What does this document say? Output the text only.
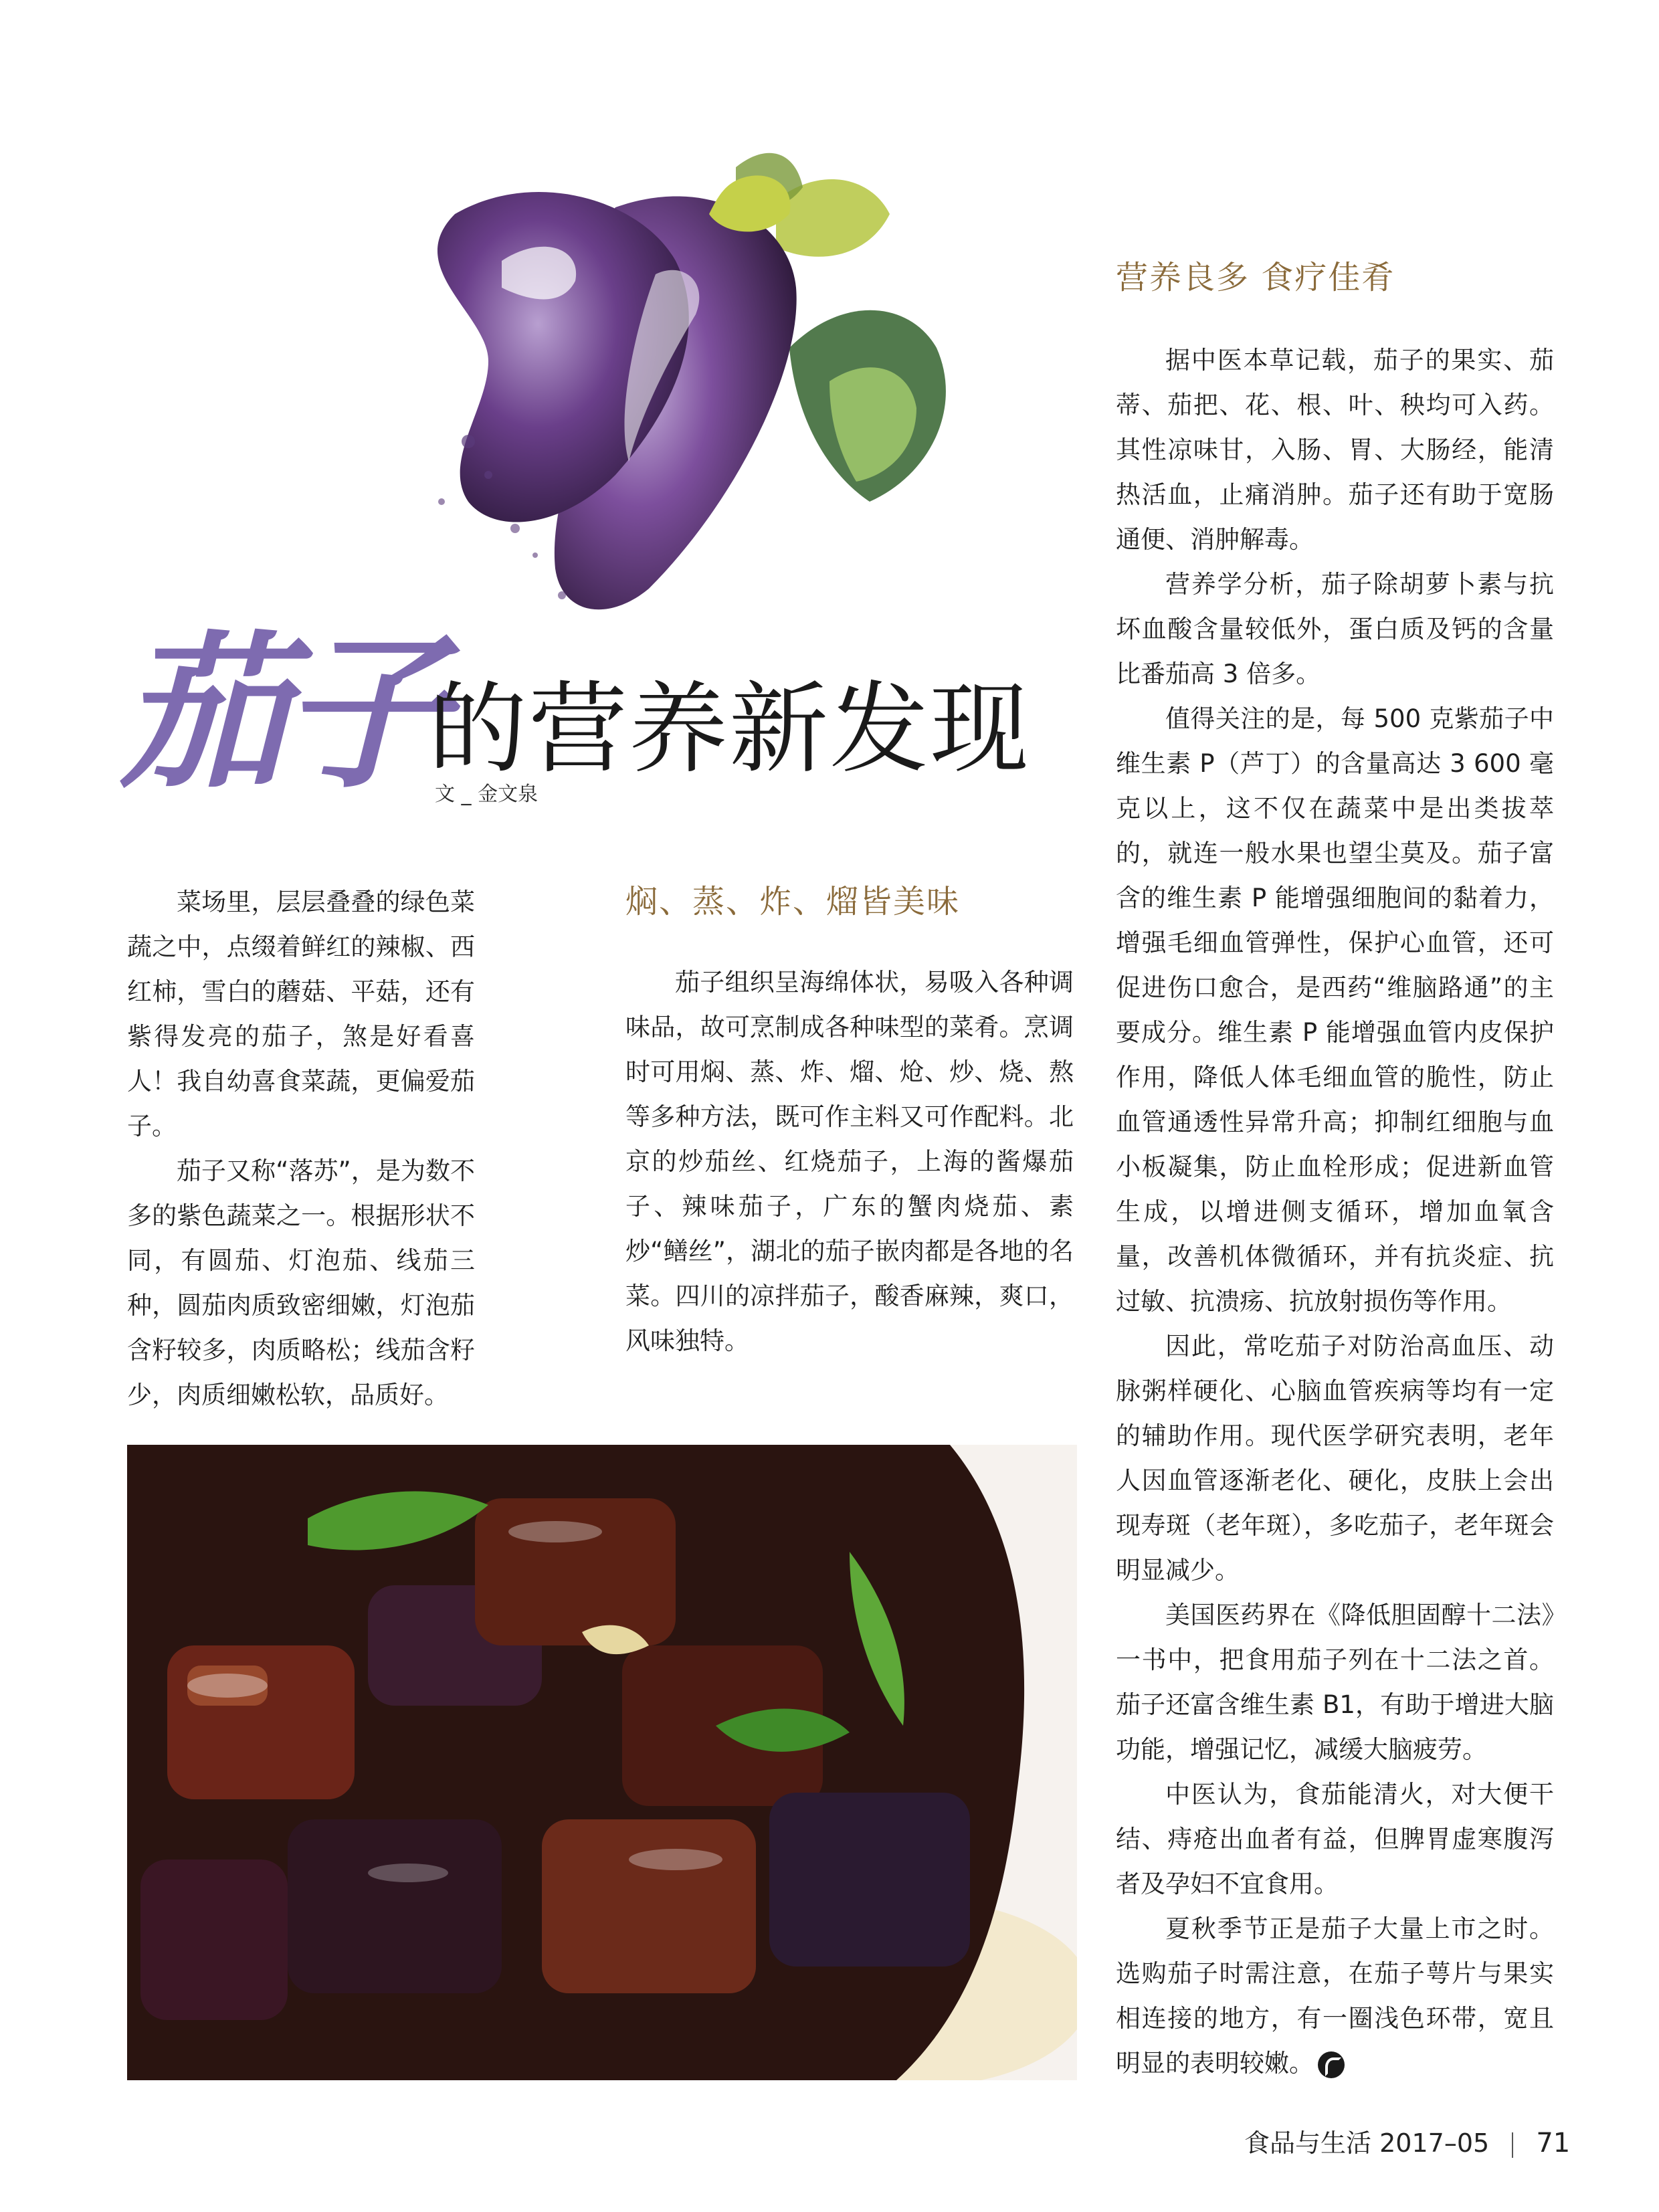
茄子
的营养新发现
文 _ 金文泉

菜场里，层层叠叠的绿色菜蔬之中，点缀着鲜红的辣椒、西红柿，雪白的蘑菇、平菇，还有紫得发亮的茄子，煞是好看喜人！我自幼喜食菜蔬，更偏爱茄子。

茄子又称“落苏”，是为数不多的紫色蔬菜之一。根据形状不同，有圆茄、灯泡茄、线茄三种，圆茄肉质致密细嫩，灯泡茄含籽较多，肉质略松；线茄含籽少，肉质细嫩松软，品质好。

焖、蒸、炸、熘皆美味

茄子组织呈海绵体状，易吸入各种调味品，故可烹制成各种味型的菜肴。烹调时可用焖、蒸、炸、熘、炝、炒、烧、熬等多种方法，既可作主料又可作配料。北京的炒茄丝、红烧茄子，上海的酱爆茄子、辣味茄子，广东的蟹肉烧茄、素炒“鳝丝”，湖北的茄子嵌肉都是各地的名菜。四川的凉拌茄子，酸香麻辣，爽口，风味独特。

营养良多 食疗佳肴

据中医本草记载，茄子的果实、茄蒂、茄把、花、根、叶、秧均可入药。其性凉味甘，入肠、胃、大肠经，能清热活血，止痛消肿。茄子还有助于宽肠通便、消肿解毒。

营养学分析，茄子除胡萝卜素与抗坏血酸含量较低外，蛋白质及钙的含量比番茄高 3 倍多。

值得关注的是，每 500 克紫茄子中维生素 P（芦丁）的含量高达 3 600 毫克以上，这不仅在蔬菜中是出类拔萃的，就连一般水果也望尘莫及。茄子富含的维生素 P 能增强细胞间的黏着力，增强毛细血管弹性，保护心血管，还可促进伤口愈合，是西药“维脑路通”的主要成分。维生素 P 能增强血管内皮保护作用，降低人体毛细血管的脆性，防止血管通透性异常升高；抑制红细胞与血小板凝集，防止血栓形成；促进新血管生成，以增进侧支循环，增加血氧含量，改善机体微循环，并有抗炎症、抗过敏、抗溃疡、抗放射损伤等作用。

因此，常吃茄子对防治高血压、动脉粥样硬化、心脑血管疾病等均有一定的辅助作用。现代医学研究表明，老年人因血管逐渐老化、硬化，皮肤上会出现寿斑（老年斑），多吃茄子，老年斑会明显减少。

美国医药界在《降低胆固醇十二法》一书中，把食用茄子列在十二法之首。茄子还富含维生素 B1，有助于增进大脑功能，增强记忆，减缓大脑疲劳。

中医认为，食茄能清火，对大便干结、痔疮出血者有益，但脾胃虚寒腹泻者及孕妇不宜食用。

夏秋季节正是茄子大量上市之时。选购茄子时需注意，在茄子萼片与果实相连接的地方，有一圈浅色环带，宽且明显的表明较嫩。

食品与生活 2017–05 71
